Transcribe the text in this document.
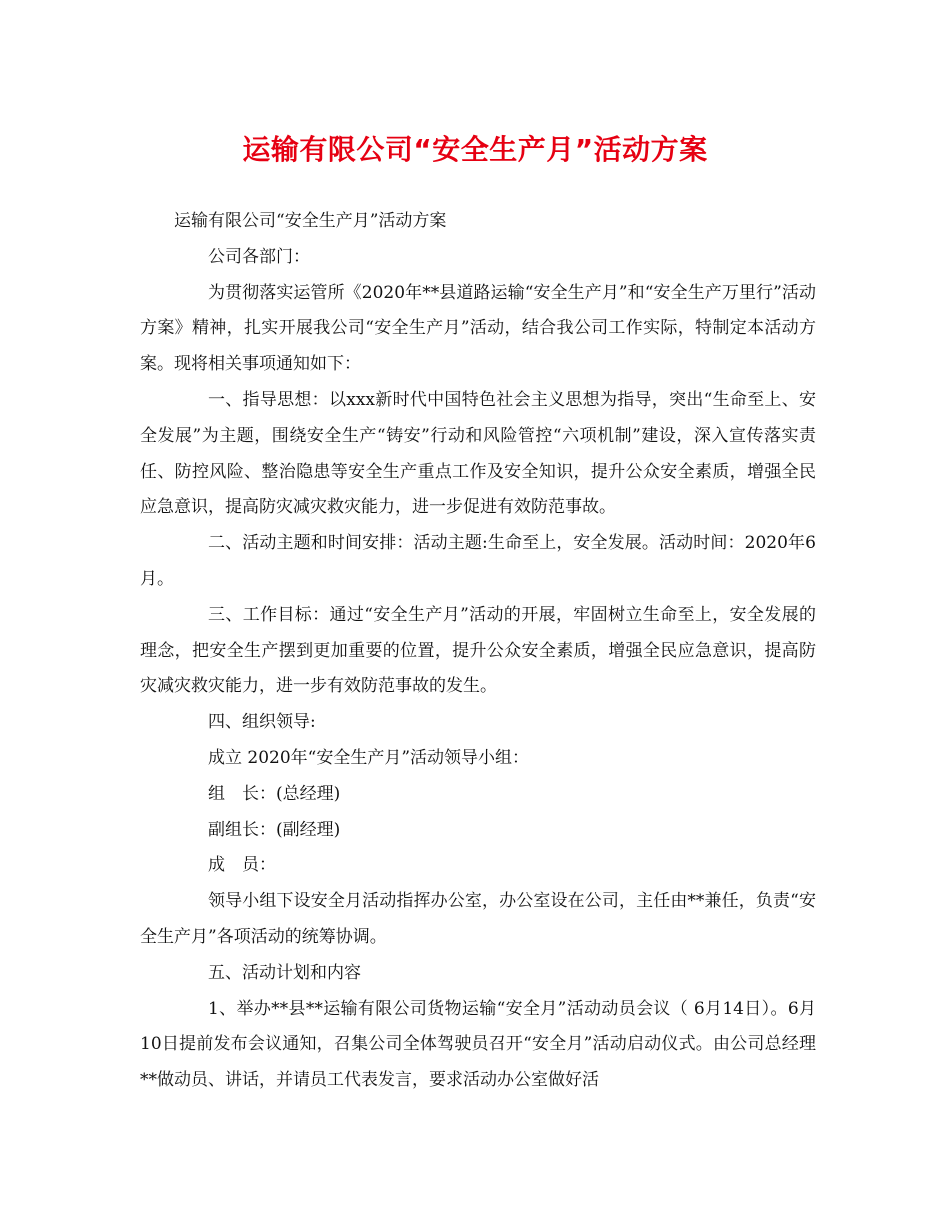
运输有限公司“安全生产月”活动方案

运输有限公司“安全生产月”活动方案

公司各部门：

为贯彻落实运管所《2020年**县道路运输“安全生产月”和“安全生产万里行”活动方案》精神，扎实开展我公司“安全生产月”活动，结合我公司工作实际，特制定本活动方案。现将相关事项通知如下：

一、指导思想：以xxx新时代中国特色社会主义思想为指导，突出“生命至上、安全发展”为主题，围绕安全生产“铸安”行动和风险管控“六项机制”建设，深入宣传落实责任、防控风险、整治隐患等安全生产重点工作及安全知识，提升公众安全素质，增强全民应急意识，提高防灾减灾救灾能力，进一步促进有效防范事故。

二、活动主题和时间安排：活动主题:生命至上，安全发展。活动时间：2020年6月。

三、工作目标：通过“安全生产月”活动的开展，牢固树立生命至上，安全发展的理念，把安全生产摆到更加重要的位置，提升公众安全素质，增强全民应急意识，提高防灾减灾救灾能力，进一步有效防范事故的发生。

四、组织领导:

成立 2020年“安全生产月”活动领导小组：

组　长：(总经理)

副组长：(副经理)

成　员：

领导小组下设安全月活动指挥办公室，办公室设在公司，主任由**兼任，负责“安全生产月”各项活动的统筹协调。

五、活动计划和内容

1、举办**县**运输有限公司货物运输“安全月”活动动员会议（ 6月14日）。6月10日提前发布会议通知，召集公司全体驾驶员召开“安全月”活动启动仪式。由公司总经理**做动员、讲话，并请员工代表发言，要求活动办公室做好活
